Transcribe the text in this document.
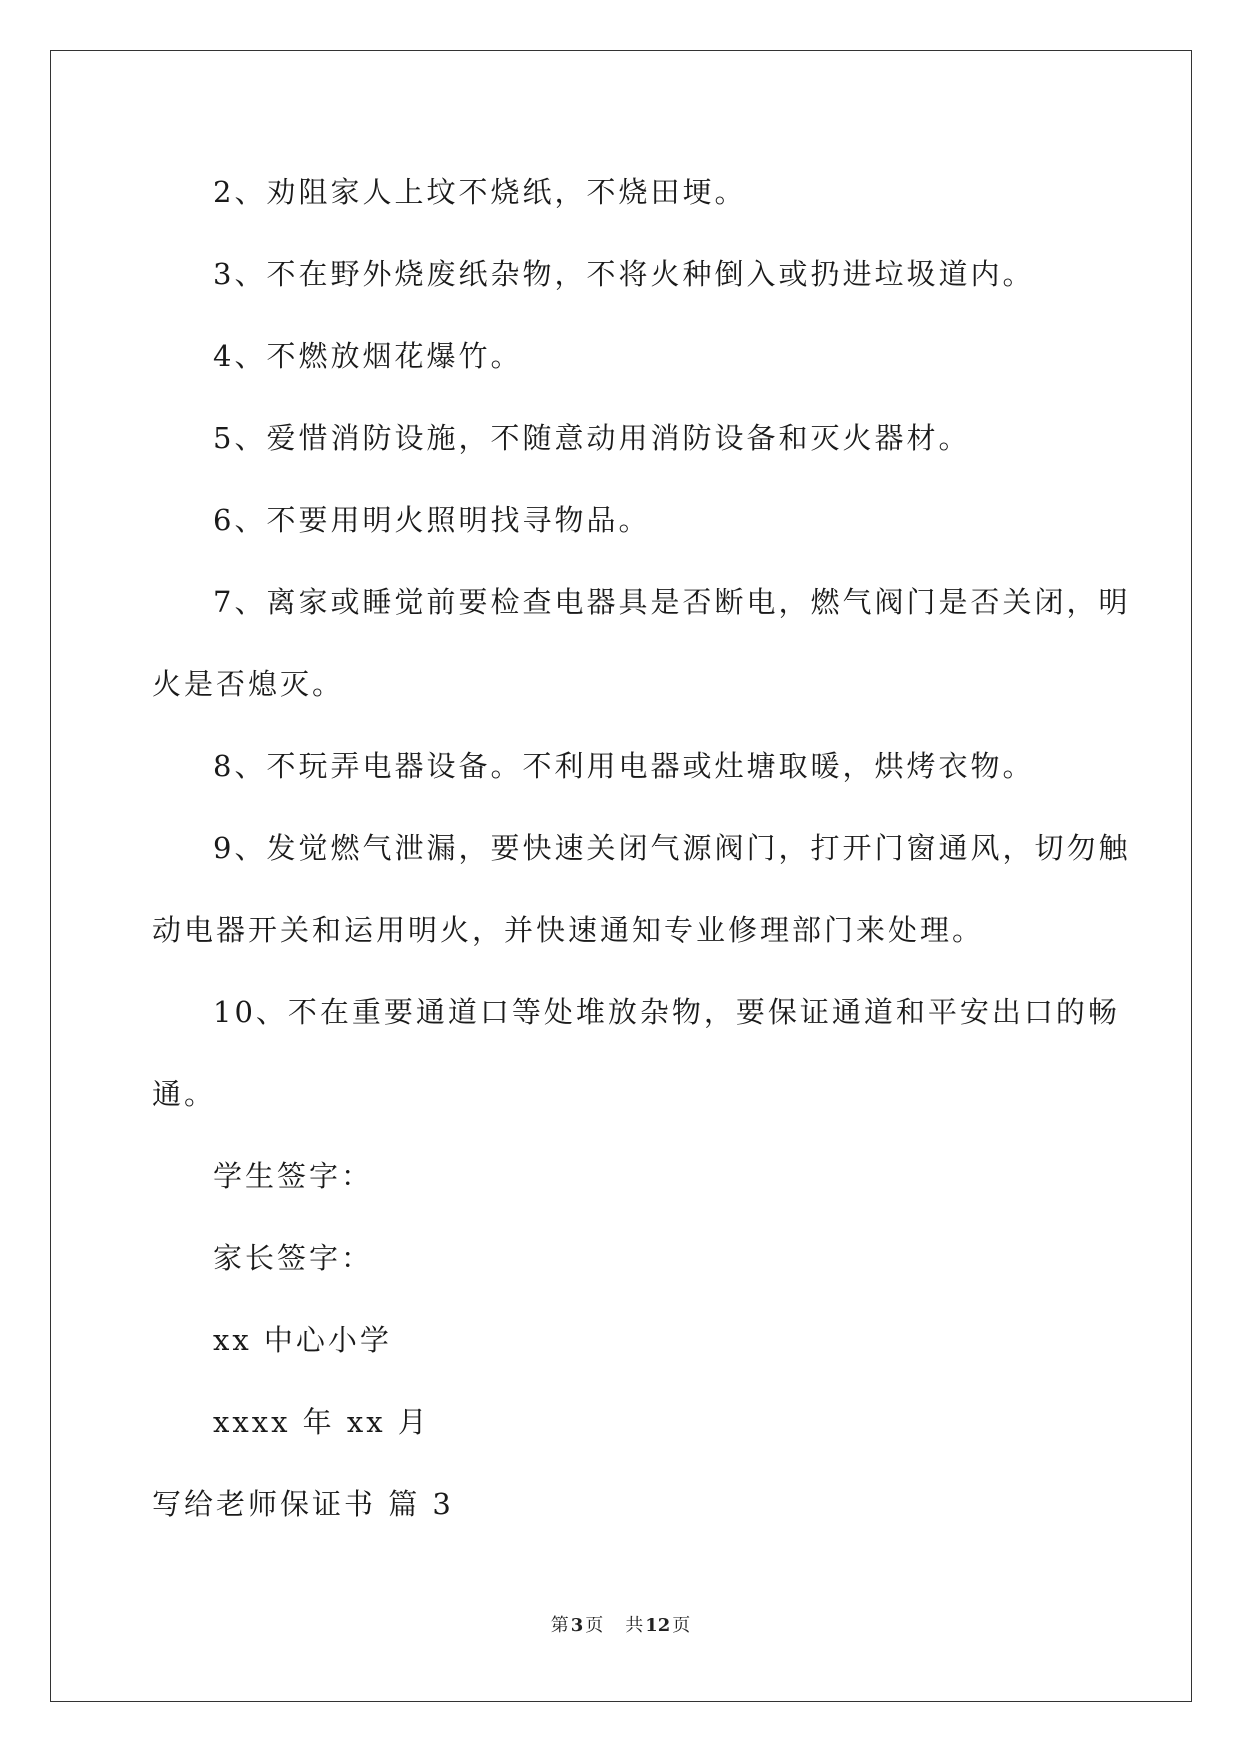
2、劝阻家人上坟不烧纸，不烧田埂。
3、不在野外烧废纸杂物，不将火种倒入或扔进垃圾道内。
4、不燃放烟花爆竹。
5、爱惜消防设施，不随意动用消防设备和灭火器材。
6、不要用明火照明找寻物品。
7、离家或睡觉前要检查电器具是否断电，燃气阀门是否关闭，明
火是否熄灭。
8、不玩弄电器设备。不利用电器或灶塘取暖，烘烤衣物。
9、发觉燃气泄漏，要快速关闭气源阀门，打开门窗通风，切勿触
动电器开关和运用明火，并快速通知专业修理部门来处理。
10、不在重要通道口等处堆放杂物，要保证通道和平安出口的畅
通。
学生签字：
家长签字：
xx 中心小学
xxxx 年 xx 月
写给老师保证书 篇 3
第 3 页 共 12 页
